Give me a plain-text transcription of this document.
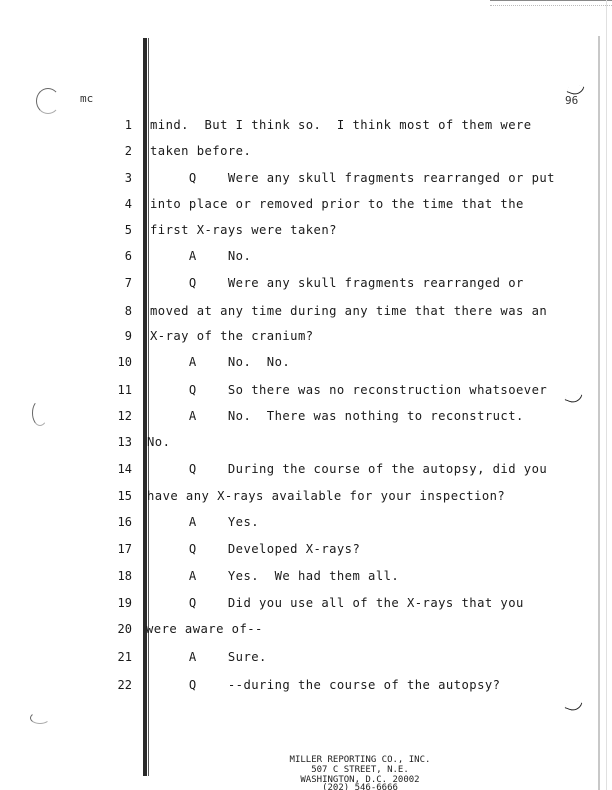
mc	96
1 mind.  But I think so.  I think most of them were
2 taken before.
3 Q    Were any skull fragments rearranged or put
4 into place or removed prior to the time that the
5 first X-rays were taken?
6 A    No.
7 Q    Were any skull fragments rearranged or
8 moved at any time during any time that there was an
9 X-ray of the cranium?
10 A    No.  No.
11 Q    So there was no reconstruction whatsoever
12 A    No.  There was nothing to reconstruct.
13 No.
14 Q    During the course of the autopsy, did you
15 have any X-rays available for your inspection?
16 A    Yes.
17 Q    Developed X-rays?
18 A    Yes.  We had them all.
19 Q    Did you use all of the X-rays that you
20 were aware of--
21 A    Sure.
22 Q    --during the course of the autopsy?
MILLER REPORTING CO., INC.
507 C STREET, N.E.
WASHINGTON, D.C. 20002
(202) 546-6666
